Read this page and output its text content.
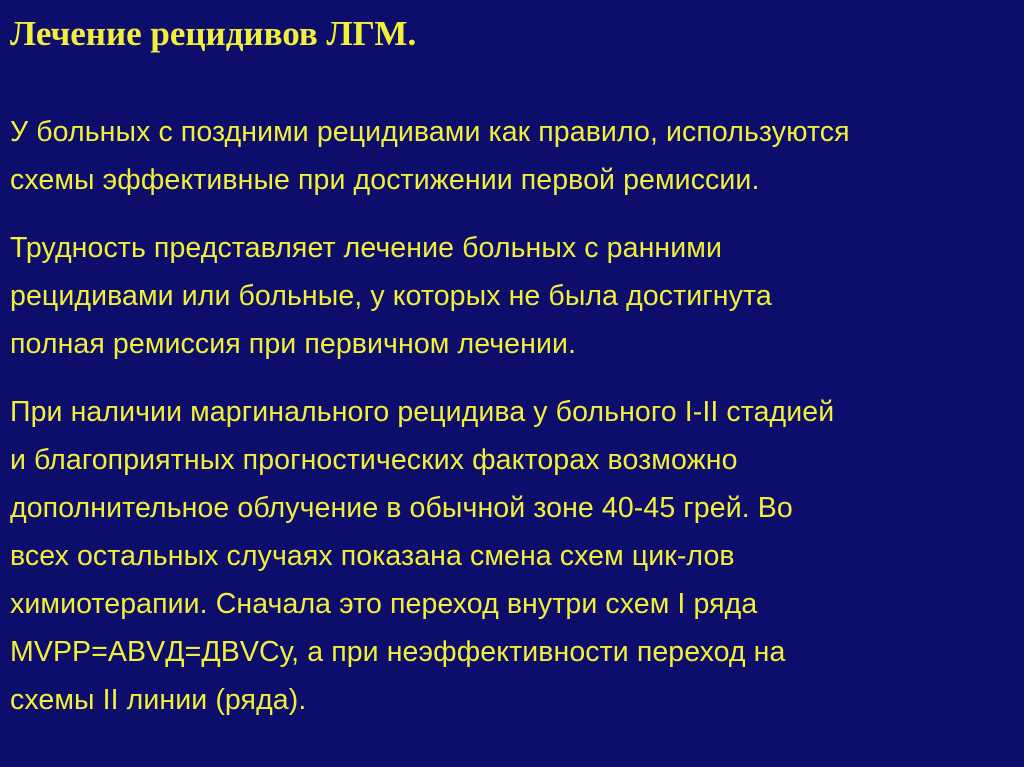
Лечение рецидивов ЛГМ.

У больных с поздними рецидивами как правило, используются
схемы эффективные при достижении первой ремиссии.

Трудность представляет лечение больных с ранними
рецидивами или больные, у которых не была достигнута
полная ремиссия при первичном лечении.

При наличии маргинального рецидива у больного I-II стадией
и благоприятных прогностических факторах возможно
дополнительное облучение в обычной зоне 40-45 грей. Во
всех остальных случаях показана смена схем цик-лов
химиотерапии. Сначала это переход внутри схем I ряда
MVPP=ABVД=ДBVCу, а при неэффективности переход на
схемы II линии (ряда).
